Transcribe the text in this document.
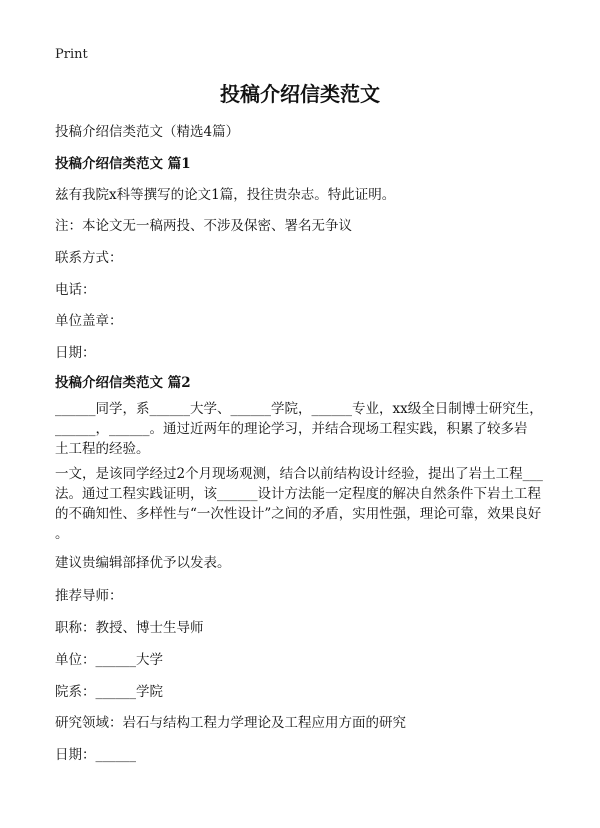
Print
投稿介绍信类范文
投稿介绍信类范文（精选4篇）
投稿介绍信类范文 篇1
兹有我院x科等撰写的论文1篇，投往贵杂志。特此证明。
注：本论文无一稿两投、不涉及保密、署名无争议
联系方式：
电话：
单位盖章：
日期：
投稿介绍信类范文 篇2
______同学，系______大学、______学院，______专业，xx级全日制博士研究生，
______，______。通过近两年的理论学习，并结合现场工程实践，积累了较多岩
土工程的经验。
一文，是该同学经过2个月现场观测，结合以前结构设计经验，提出了岩土工程___
法。通过工程实践证明，该______设计方法能一定程度的解决自然条件下岩土工程
的不确知性、多样性与“一次性设计”之间的矛盾，实用性强，理论可靠，效果良好
。
建议贵编辑部择优予以发表。
推荐导师：
职称：教授、博士生导师
单位：______大学
院系：______学院
研究领域：岩石与结构工程力学理论及工程应用方面的研究
日期：______
